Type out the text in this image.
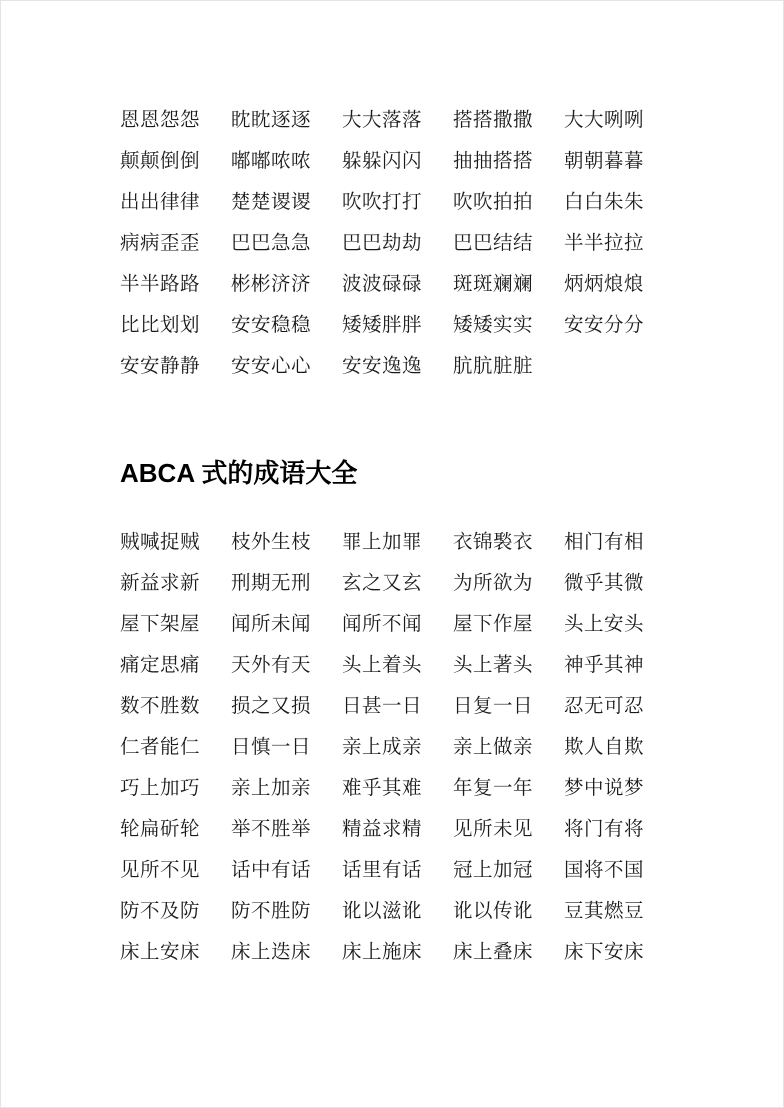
恩恩怨怨	眈眈逐逐	大大落落	搭搭撒撒	大大咧咧
颠颠倒倒	嘟嘟哝哝	躲躲闪闪	抽抽搭搭	朝朝暮暮
出出律律	楚楚谡谡	吹吹打打	吹吹拍拍	白白朱朱
病病歪歪	巴巴急急	巴巴劫劫	巴巴结结	半半拉拉
半半路路	彬彬济济	波波碌碌	斑斑斓斓	炳炳烺烺
比比划划	安安稳稳	矮矮胖胖	矮矮实实	安安分分
安安静静	安安心心	安安逸逸	肮肮脏脏
ABCA 式的成语大全
贼喊捉贼	枝外生枝	罪上加罪	衣锦褧衣	相门有相
新益求新	刑期无刑	玄之又玄	为所欲为	微乎其微
屋下架屋	闻所未闻	闻所不闻	屋下作屋	头上安头
痛定思痛	天外有天	头上着头	头上著头	神乎其神
数不胜数	损之又损	日甚一日	日复一日	忍无可忍
仁者能仁	日慎一日	亲上成亲	亲上做亲	欺人自欺
巧上加巧	亲上加亲	难乎其难	年复一年	梦中说梦
轮扁斫轮	举不胜举	精益求精	见所未见	将门有将
见所不见	话中有话	话里有话	冠上加冠	国将不国
防不及防	防不胜防	讹以滋讹	讹以传讹	豆萁燃豆
床上安床	床上迭床	床上施床	床上叠床	床下安床
